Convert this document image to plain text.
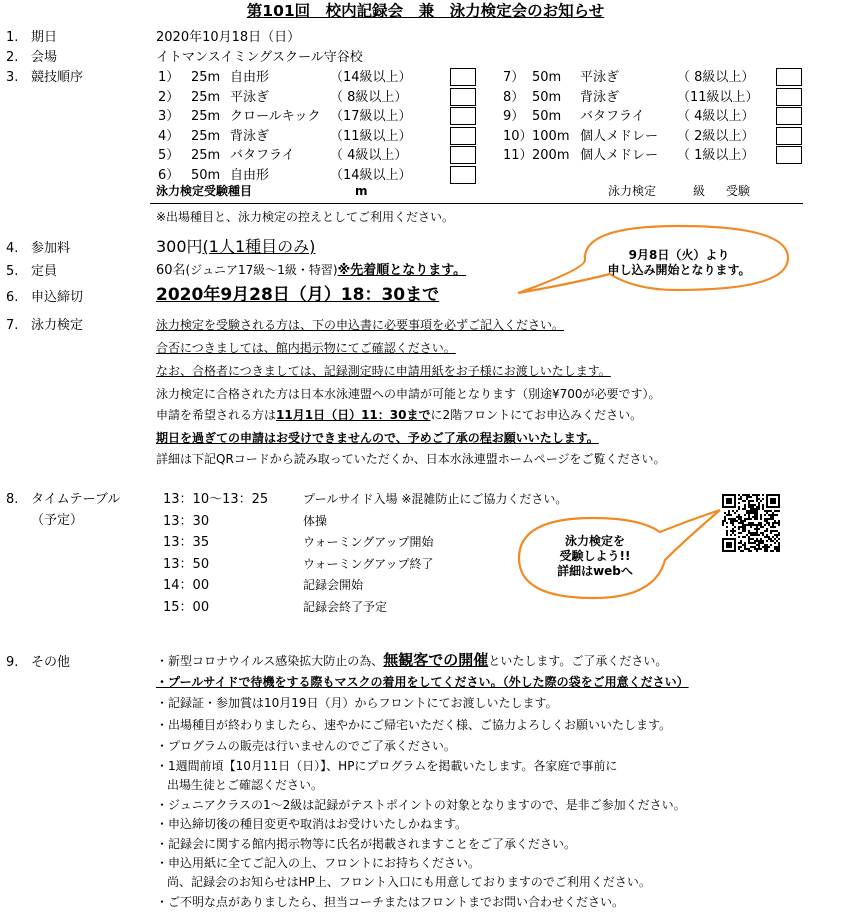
第101回　校内記録会　兼　泳力検定会のお知らせ
1. 期日	2020年10月18日（日）
2. 会場	イトマンスイミングスクール守谷校
3. 競技順序	1） 25m 自由形	（14級以上）
2） 25m 平泳ぎ	（ 8級以上）
3） 25m クロールキック （17級以上）
4） 25m 背泳ぎ	（11級以上）
5） 25m バタフライ	（ 4級以上）
6） 50m 自由形	（14級以上）
7） 50m 平泳ぎ	（ 8級以上）
8） 50m 背泳ぎ	（11級以上）
9） 50m バタフライ （ 4級以上）
10） 100m 個人メドレー （ 2級以上）
11） 200m 個人メドレー （ 1級以上）
泳力検定受験種目	m	泳力検定	級 受験
※出場種目と、泳力検定の控えとしてご利用ください。
4. 参加料	300円(1人1種目のみ)
5. 定員	60名(ジュニア17級～1級・特習)※先着順となります。
6. 申込締切	2020年9月28日（月）18：30まで
7. 泳力検定	泳力検定を受験される方は、下の申込書に必要事項を必ずご記入ください。
合否につきましては、館内掲示物にてご確認ください。
なお、合格者につきましては、記録測定時に申請用紙をお子様にお渡しいたします。
泳力検定に合格された方は日本水泳連盟への申請が可能となります（別途¥700が必要です）。
申請を希望される方は11月1日（日）11：30までに2階フロントにてお申込みください。
期日を過ぎての申請はお受けできませんので、予めご了承の程お願いいたします。
詳細は下記QRコードから読み取っていただくか、日本水泳連盟ホームページをご覧ください。
8. タイムテーブル
（予定）
13：10～13：25	プールサイド入場 ※混雑防止にご協力ください。
13：30	体操
13：35	ウォーミングアップ開始
13：50	ウォーミングアップ終了
14：00	記録会開始
15：00	記録会終了予定
9. その他	・新型コロナウイルス感染拡大防止の為、無観客での開催といたします。ご了承ください。
・プールサイドで待機をする際もマスクの着用をしてください。（外した際の袋をご用意ください）
・記録証・参加賞は10月19日（月）からフロントにてお渡しいたします。
・出場種目が終わりましたら、速やかにご帰宅いただく様、ご協力よろしくお願いいたします。
・プログラムの販売は行いませんのでご了承ください。
・1週間前頃【10月11日（日）】、HPにプログラムを掲載いたします。各家庭で事前に
出場生徒とご確認ください。
・ジュニアクラスの1～2級は記録がテストポイントの対象となりますので、是非ご参加ください。
・申込締切後の種目変更や取消はお受けいたしかねます。
・記録会に関する館内掲示物等に氏名が掲載されますことをご了承ください。
・申込用紙に全てご記入の上、フロントにお持ちください。
尚、記録会のお知らせはHP上、フロント入口にも用意しておりますのでご利用ください。
・ご不明な点がありましたら、担当コーチまたはフロントまでお問い合わせください。
9月8日（火）より
申し込み開始となります。
泳力検定を
受験しよう!!
詳細はwebへ
